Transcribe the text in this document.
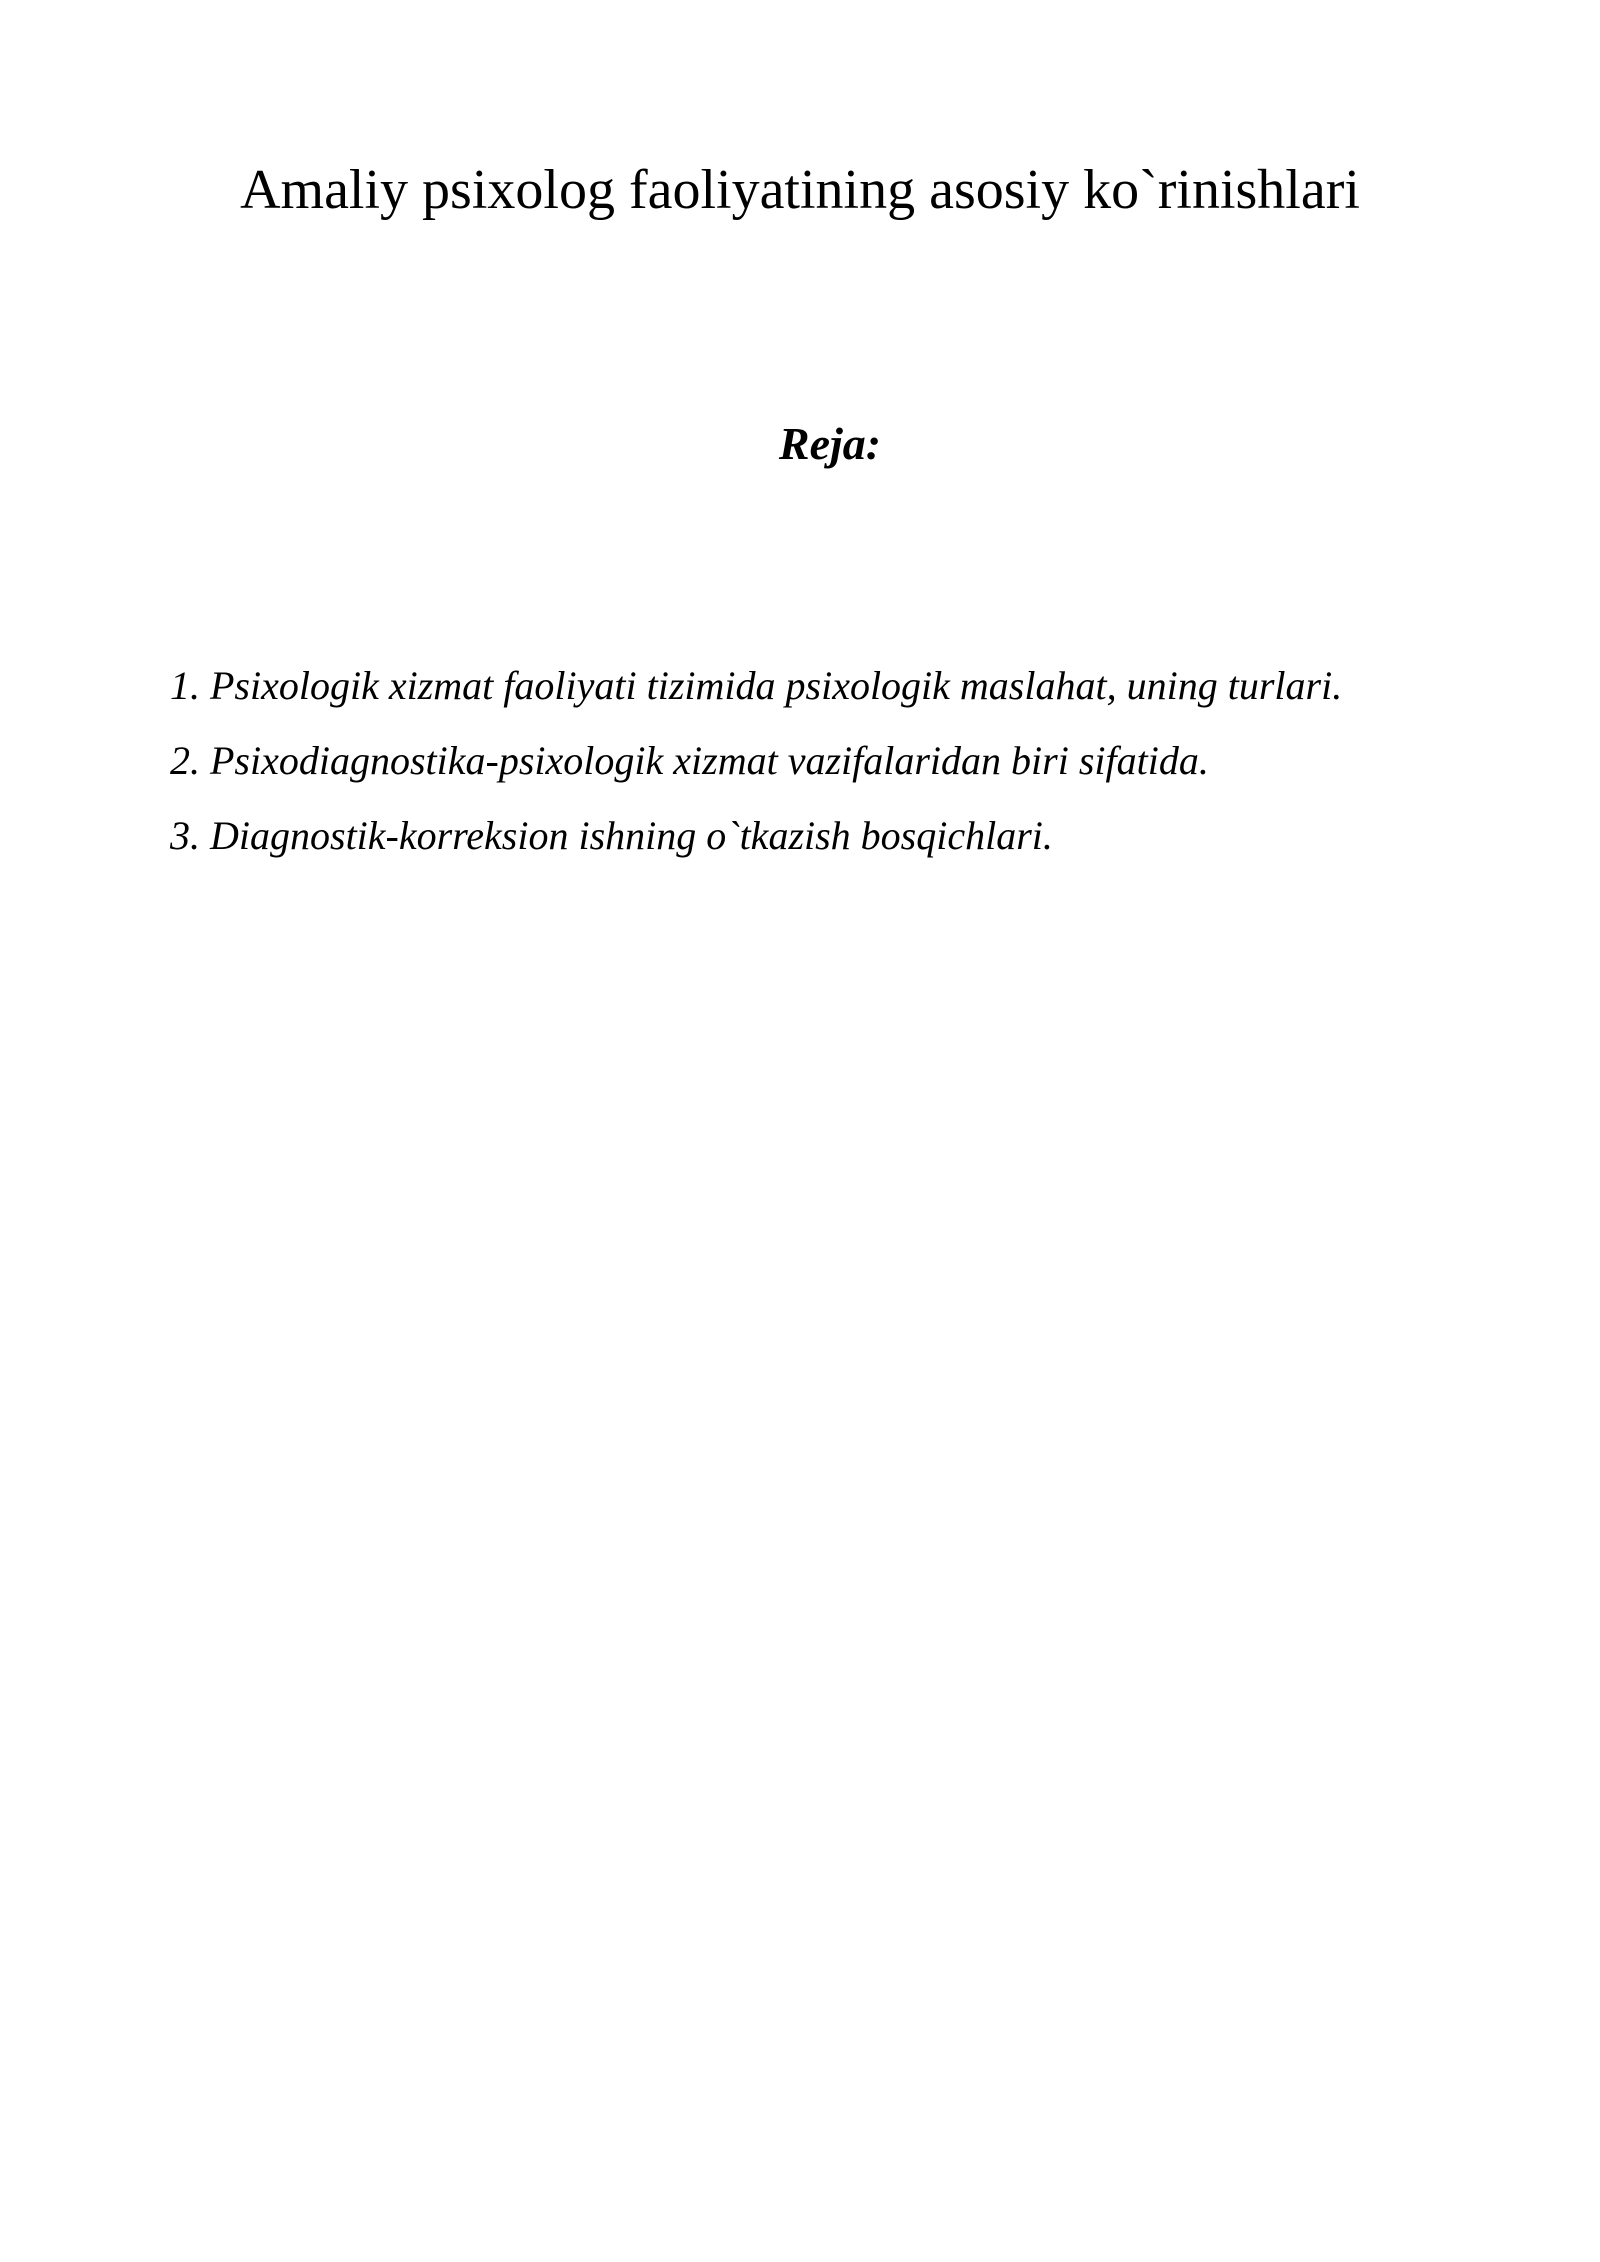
Amaliy psixolog faoliyatining asosiy ko`rinishlari
Reja:
1. Psixologik xizmat faoliyati tizimida psixologik maslahat, uning turlari.
2. Psixodiagnostika-psixologik xizmat vazifalaridan biri sifatida.
3. Diagnostik-korreksion ishning o`tkazish bosqichlari.
